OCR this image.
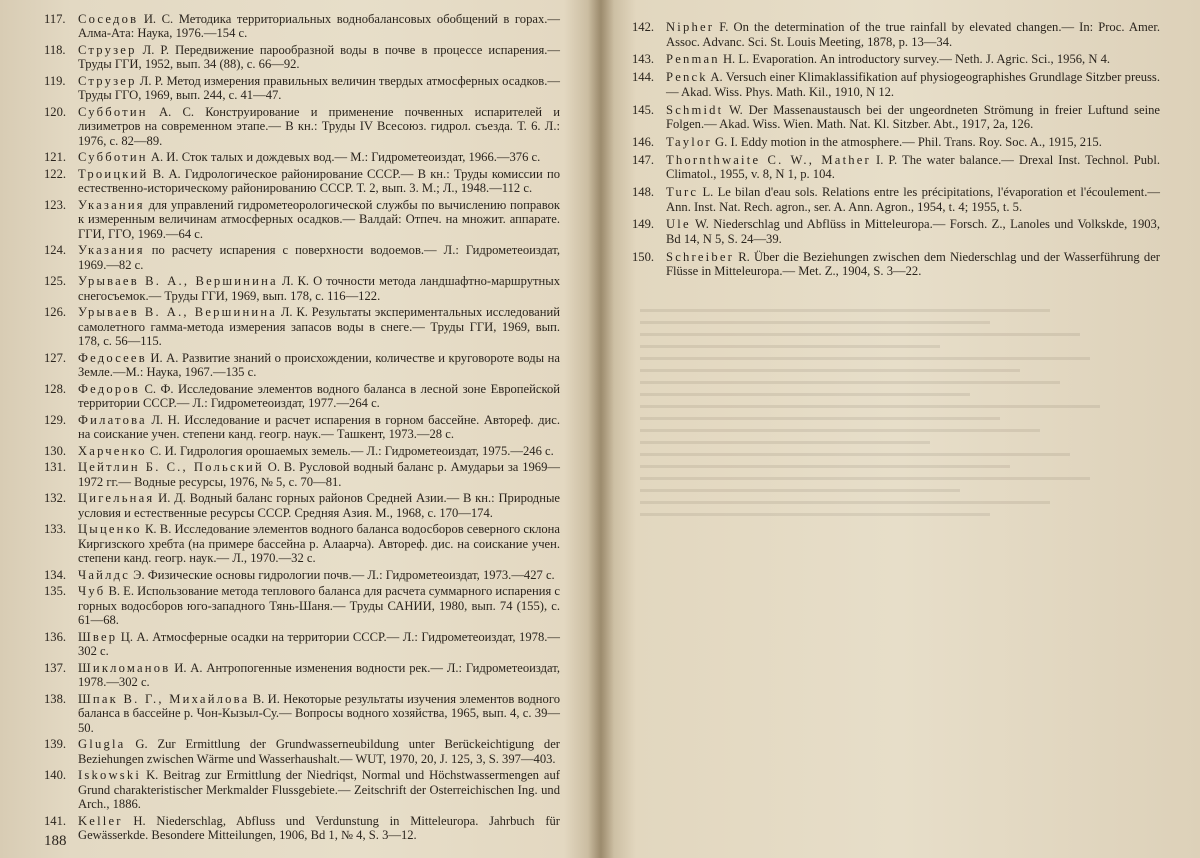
117. Соседов И. С. Методика территориальных воднобалансовых обобщений в горах.— Алма-Ата: Наука, 1976.—154 с.
118. Струзер Л. Р. Передвижение парообразной воды в почве в процессе испарения.— Труды ГГИ, 1952, вып. 34 (88), с. 66—92.
119. Струзер Л. Р. Метод измерения правильных величин твердых атмосферных осадков.— Труды ГГО, 1969, вып. 244, с. 41—47.
120. Субботин А. С. Конструирование и применение почвенных испарителей и лизиметров на современном этапе.— В кн.: Труды IV Всесоюз. гидрол. съезда. Т. 6. Л.: 1976, с. 82—89.
121. Субботин А. И. Сток талых и дождевых вод.— М.: Гидрометеоиздат, 1966.—376 с.
122. Троицкий В. А. Гидрологическое районирование СССР.— В кн.: Труды комиссии по естественно-историческому районированию СССР. Т. 2, вып. 3. М.; Л., 1948.—112 с.
123. Указания для управлений гидрометеорологической службы по вычислению поправок к измеренным величинам атмосферных осадков.— Валдай: Отпеч. на множит. аппарате. ГГИ, ГГО, 1969.—64 с.
124. Указания по расчету испарения с поверхности водоемов.— Л.: Гидрометеоиздат, 1969.—82 с.
125. Урываев В. А., Вершинина Л. К. О точности метода ландшафтно-маршрутных снегосъемок.— Труды ГГИ, 1969, вып. 178, с. 116—122.
126. Урываев В. А., Вершинина Л. К. Результаты экспериментальных исследований самолетного гамма-метода измерения запасов воды в снеге.— Труды ГГИ, 1969, вып. 178, с. 56—115.
127. Федосеев И. А. Развитие знаний о происхождении, количестве и круговороте воды на Земле.—М.: Наука, 1967.—135 с.
128. Федоров С. Ф. Исследование элементов водного баланса в лесной зоне Европейской территории СССР.— Л.: Гидрометеоиздат, 1977.—264 с.
129. Филатова Л. Н. Исследование и расчет испарения в горном бассейне. Автореф. дис. на соискание учен. степени канд. геогр. наук.— Ташкент, 1973.—28 с.
130. Харченко С. И. Гидрология орошаемых земель.— Л.: Гидрометеоиздат, 1975.—246 с.
131. Цейтлин Б. С., Польский О. В. Русловой водный баланс р. Амударьи за 1969—1972 гг.— Водные ресурсы, 1976, № 5, с. 70—81.
132. Цигельная И. Д. Водный баланс горных районов Средней Азии.— В кн.: Природные условия и естественные ресурсы СССР. Средняя Азия. М., 1968, с. 170—174.
133. Цыценко К. В. Исследование элементов водного баланса водосборов северного склона Киргизского хребта (на примере бассейна р. Алаарча). Автореф. дис. на соискание учен. степени канд. геогр. наук.— Л., 1970.—32 с.
134. Чайлдс Э. Физические основы гидрологии почв.— Л.: Гидрометеоиздат, 1973.—427 с.
135. Чуб В. Е. Использование метода теплового баланса для расчета суммарного испарения с горных водосборов юго-западного Тянь-Шаня.— Труды САНИИ, 1980, вып. 74 (155), с. 61—68.
136. Швер Ц. А. Атмосферные осадки на территории СССР.— Л.: Гидрометеоиздат, 1978.— 302 с.
137. Шикломанов И. А. Антропогенные изменения водности рек.— Л.: Гидрометеоиздат, 1978.—302 с.
138. Шпак В. Г., Михайлова В. И. Некоторые результаты изучения элементов водного баланса в бассейне р. Чон-Кызыл-Су.— Вопросы водного хозяйства, 1965, вып. 4, с. 39—50.
139. Glugla G. Zur Ermittlung der Grundwasserneubildung unter Berückeichtigung der Beziehungen zwischen Wärme und Wasserhaushalt.— WUT, 1970, 20, J. 125, 3, S. 397—403.
140. Iskowski K. Beitrag zur Ermittlung der Niedriqst, Normal und Höchstwassermengen auf Grund charakteristischer Merkmalder Flussgebiete.— Zeitschrift der Osterreichischen Ing. und Arch., 1886.
141. Keller H. Niederschlag, Abfluss und Verdunstung in Mitteleuropa. Jahrbuch für Gewässerkde. Besondere Mitteilungen, 1906, Bd 1, № 4, S. 3—12.
188
142. Nipher F. On the determination of the true rainfall by elevated changen.— In: Proc. Amer. Assoc. Advanc. Sci. St. Louis Meeting, 1878, p. 13—34.
143. Penman H. L. Evaporation. An introductory survey.— Neth. J. Agric. Sci., 1956, N 4.
144. Penck A. Versuch einer Klimaklassifikation auf physiogeographishes Grundlage Sitzber preuss.— Akad. Wiss. Phys. Math. Kil., 1910, N 12.
145. Schmidt W. Der Massenaustausch bei der ungeordneten Strömung in freier Luftund seine Folgen.— Akad. Wiss. Wien. Math. Nat. Kl. Sitzber. Abt., 1917, 2a, 126.
146. Taylor G. I. Eddy motion in the atmosphere.— Phil. Trans. Roy. Soc. A., 1915, 215.
147. Thornthwaite C. W., Mather I. P. The water balance.— Drexal Inst. Technol. Publ. Climatol., 1955, v. 8, N 1, p. 104.
148. Turc L. Le bilan d'eau sols. Relations entre les précipitations, l'évaporation et l'écoulement.— Ann. Inst. Nat. Rech. agron., ser. A. Ann. Agron., 1954, t. 4; 1955, t. 5.
149. Ule W. Niederschlag und Abflüss in Mitteleuropa.— Forsch. Z., Lanoles und Volkskde, 1903, Bd 14, N 5, S. 24—39.
150. Schreiber R. Über die Beziehungen zwischen dem Niederschlag und der Wasserführung der Flüsse in Mitteleuropa.— Met. Z., 1904, S. 3—22.
